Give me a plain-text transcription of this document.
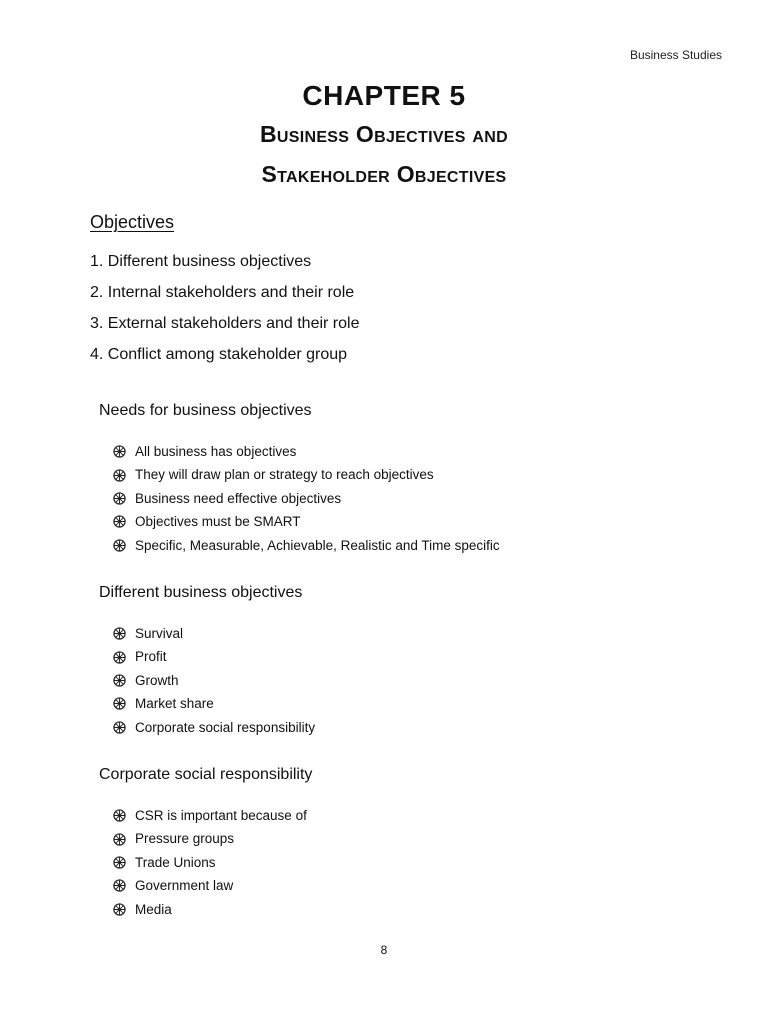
Business Studies
CHAPTER 5
Business Objectives and
Stakeholder Objectives
Objectives
1. Different business objectives
2. Internal stakeholders and their role
3. External stakeholders and their role
4. Conflict among stakeholder group
Needs for business objectives
All business has objectives
They will draw plan or strategy to reach objectives
Business need effective objectives
Objectives must be SMART
Specific, Measurable, Achievable, Realistic and Time specific
Different business objectives
Survival
Profit
Growth
Market share
Corporate social responsibility
Corporate social responsibility
CSR is important because of
Pressure groups
Trade Unions
Government law
Media
8
